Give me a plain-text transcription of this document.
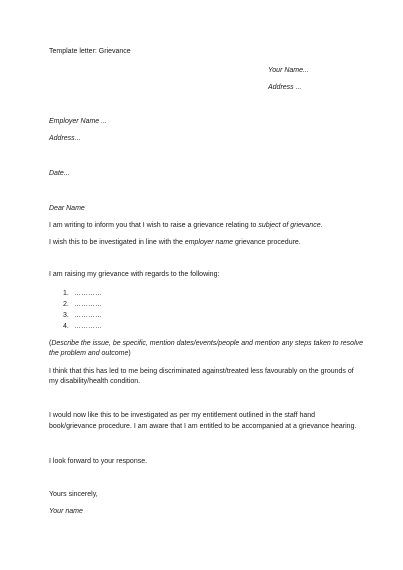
Template letter: Grievance
Your Name...
Address ...
Employer Name ...
Address...
Date...
Dear Name
I am writing to inform you that I wish to raise a grievance relating to subject of grievance.
I wish this to be investigated in line with the employer name grievance procedure.
I am raising my grievance with regards to the following:
1. …………
2. …………
3. …………
4. …………
(Describe the issue, be specific, mention dates/events/people and mention any steps taken to resolve
the problem and outcome)
I think that this has led to me being discriminated against/treated less favourably on the grounds of
my disability/health condition.
I would now like this to be investigated as per my entitlement outlined in the staff hand
book/grievance procedure. I am aware that I am entitled to be accompanied at a grievance hearing.
I look forward to your response.
Yours sincerely,
Your name
